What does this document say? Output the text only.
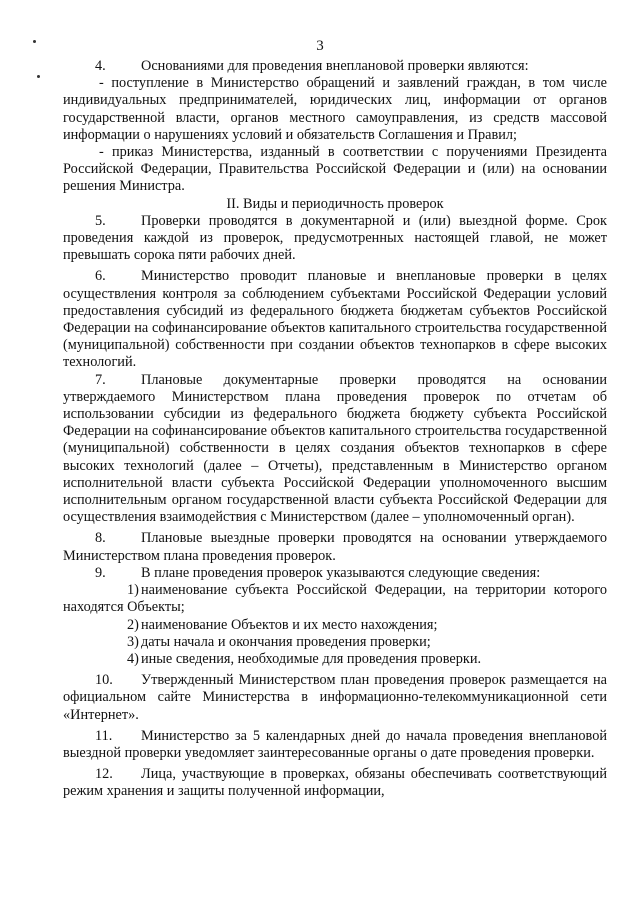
3

4. Основаниями для проведения внеплановой проверки являются:

- поступление в Министерство обращений и заявлений граждан, в том числе индивидуальных предпринимателей, юридических лиц, информации от органов государственной власти, органов местного самоуправления, из средств массовой информации о нарушениях условий и обязательств Соглашения и Правил;

- приказ Министерства, изданный в соответствии с поручениями Президента Российской Федерации, Правительства Российской Федерации и (или) на основании решения Министра.

II. Виды и периодичность проверок

5. Проверки проводятся в документарной и (или) выездной форме. Срок проведения каждой из проверок, предусмотренных настоящей главой, не может превышать сорока пяти рабочих дней.

6. Министерство проводит плановые и внеплановые проверки в целях осуществления контроля за соблюдением субъектами Российской Федерации условий предоставления субсидий из федерального бюджета бюджетам субъектов Российской Федерации на софинансирование объектов капитального строительства государственной (муниципальной) собственности при создании объектов технопарков в сфере высоких технологий.

7. Плановые документарные проверки проводятся на основании утверждаемого Министерством плана проведения проверок по отчетам об использовании субсидии из федерального бюджета бюджету субъекта Российской Федерации на софинансирование объектов капитального строительства государственной (муниципальной) собственности в целях создания объектов технопарков в сфере высоких технологий (далее – Отчеты), представленным в Министерство органом исполнительной власти субъекта Российской Федерации уполномоченного высшим исполнительным органом государственной власти субъекта Российской Федерации для осуществления взаимодействия с Министерством (далее – уполномоченный орган).

8. Плановые выездные проверки проводятся на основании утверждаемого Министерством плана проведения проверок.

9. В плане проведения проверок указываются следующие сведения:

1) наименование субъекта Российской Федерации, на территории которого находятся Объекты;

2) наименование Объектов и их место нахождения;

3) даты начала и окончания проведения проверки;

4) иные сведения, необходимые для проведения проверки.

10. Утвержденный Министерством план проведения проверок размещается на официальном сайте Министерства в информационно-телекоммуникационной сети «Интернет».

11. Министерство за 5 календарных дней до начала проведения внеплановой выездной проверки уведомляет заинтересованные органы о дате проведения проверки.

12. Лица, участвующие в проверках, обязаны обеспечивать соответствующий режим хранения и защиты полученной информации,
